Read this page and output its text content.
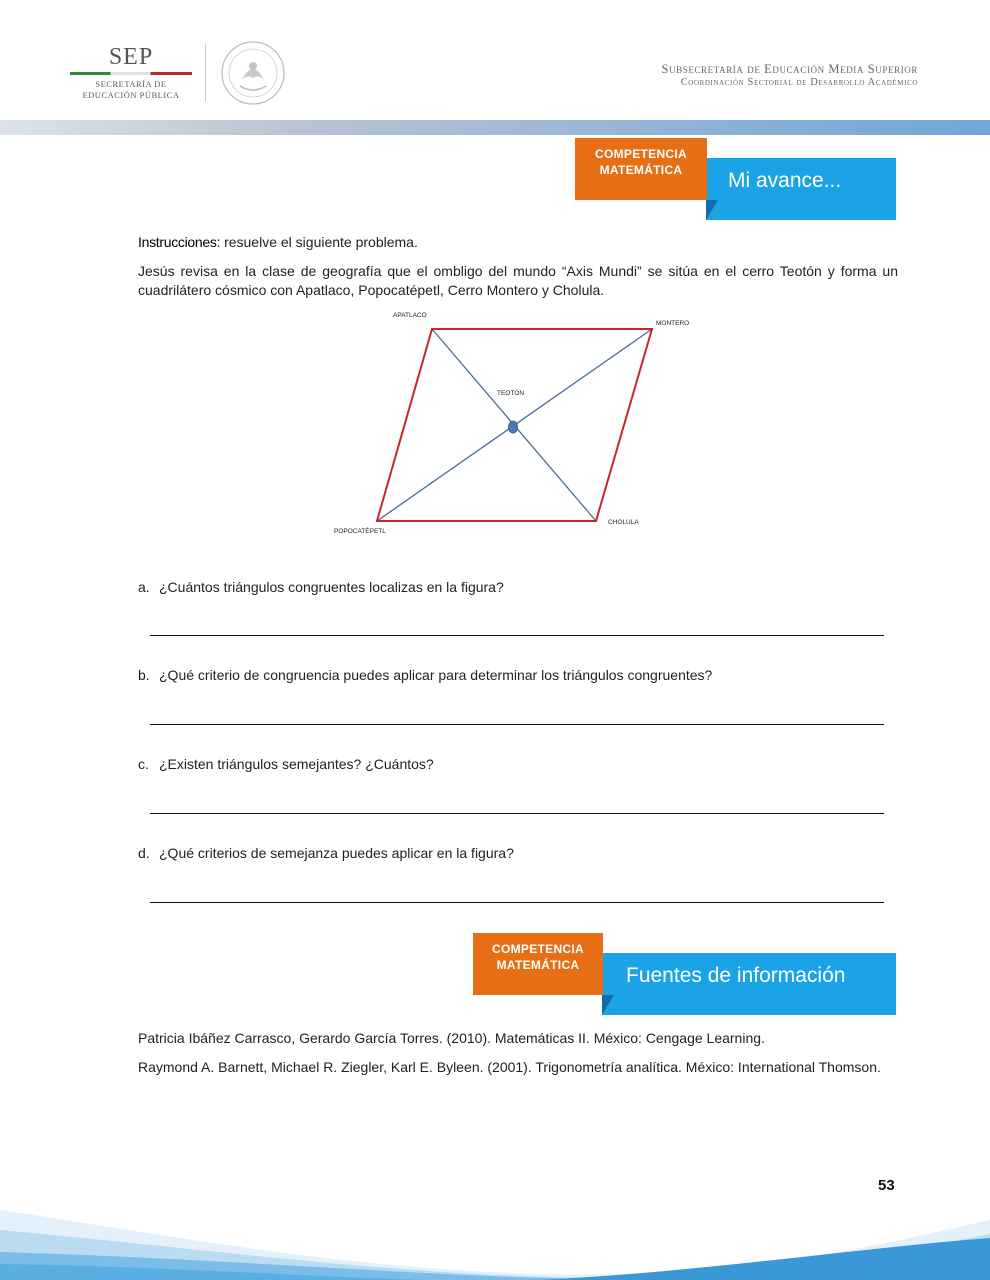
SEP
SECRETARÍA DE
EDUCACIÓN PÚBLICA
Subsecretaría de Educación Media Superior
Coordinación Sectorial de Desarrollo Académico
Mi avance...
COMPETENCIA
MATEMÁTICA
Instrucciones: resuelve el siguiente problema.
Jesús revisa en la clase de geografía que el ombligo del mundo “Axis Mundi” se sitúa en el cerro Teotón y forma un cuadrilátero cósmico con Apatlaco, Popocatépetl, Cerro Montero y Cholula.
APATLACO
MONTERO
TEOTÓN
POPOCATÉPETL
CHOLULA
a. ¿Cuántos triángulos congruentes localizas en la figura?
b. ¿Qué criterio de congruencia puedes aplicar para determinar los triángulos congruentes?
c. ¿Existen triángulos semejantes? ¿Cuántos?
d. ¿Qué criterios de semejanza puedes aplicar en la figura?
Fuentes de información
COMPETENCIA
MATEMÁTICA
Patricia Ibáñez Carrasco, Gerardo García Torres. (2010). Matemáticas II. México: Cengage Learning.
Raymond A. Barnett, Michael R. Ziegler, Karl E. Byleen. (2001). Trigonometría analítica. México: International Thomson.
53
